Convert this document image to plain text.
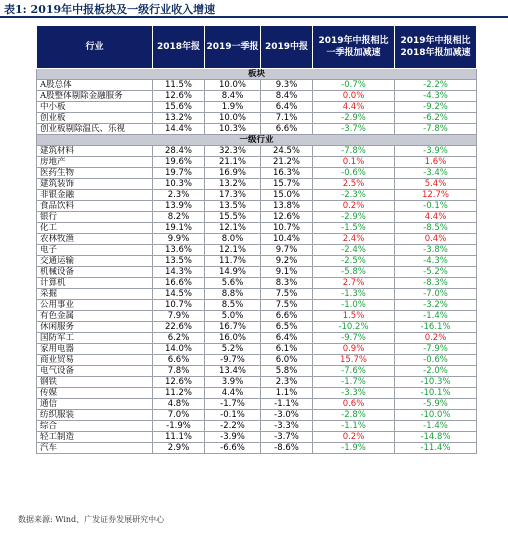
表1: 2019年中报板块及一级行业收入增速
行业	2018年报	2019一季报	2019中报	2019年中报相比一季报加减速	2019年中报相比2018年报加减速
板块					
A股总体	11.5%	10.0%	9.3%	-0.7%	-2.2%
A股整体剔除金融服务	12.6%	8.4%	8.4%	0.0%	-4.3%
中小板	15.6%	1.9%	6.4%	4.4%	-9.2%
创业板	13.2%	10.0%	7.1%	-2.9%	-6.2%
创业板剔除温氏、乐视	14.4%	10.3%	6.6%	-3.7%	-7.8%
一级行业					
建筑材料	28.4%	32.3%	24.5%	-7.8%	-3.9%
房地产	19.6%	21.1%	21.2%	0.1%	1.6%
医药生物	19.7%	16.9%	16.3%	-0.6%	-3.4%
建筑装饰	10.3%	13.2%	15.7%	2.5%	5.4%
非银金融	2.3%	17.3%	15.0%	-2.3%	12.7%
食品饮料	13.9%	13.5%	13.8%	0.2%	-0.1%
银行	8.2%	15.5%	12.6%	-2.9%	4.4%
化工	19.1%	12.1%	10.7%	-1.5%	-8.5%
农林牧渔	9.9%	8.0%	10.4%	2.4%	0.4%
电子	13.6%	12.1%	9.7%	-2.4%	-3.8%
交通运输	13.5%	11.7%	9.2%	-2.5%	-4.3%
机械设备	14.3%	14.9%	9.1%	-5.8%	-5.2%
计算机	16.6%	5.6%	8.3%	2.7%	-8.3%
采掘	14.5%	8.8%	7.5%	-1.3%	-7.0%
公用事业	10.7%	8.5%	7.5%	-1.0%	-3.2%
有色金属	7.9%	5.0%	6.6%	1.5%	-1.4%
休闲服务	22.6%	16.7%	6.5%	-10.2%	-16.1%
国防军工	6.2%	16.0%	6.4%	-9.7%	0.2%
家用电器	14.0%	5.2%	6.1%	0.9%	-7.9%
商业贸易	6.6%	-9.7%	6.0%	15.7%	-0.6%
电气设备	7.8%	13.4%	5.8%	-7.6%	-2.0%
钢铁	12.6%	3.9%	2.3%	-1.7%	-10.3%
传媒	11.2%	4.4%	1.1%	-3.3%	-10.1%
通信	4.8%	-1.7%	-1.1%	0.6%	-5.9%
纺织服装	7.0%	-0.1%	-3.0%	-2.8%	-10.0%
综合	-1.9%	-2.2%	-3.3%	-1.1%	-1.4%
轻工制造	11.1%	-3.9%	-3.7%	0.2%	-14.8%
汽车	2.9%	-6.6%	-8.6%	-1.9%	-11.4%
数据来源: Wind、广发证券发展研究中心
